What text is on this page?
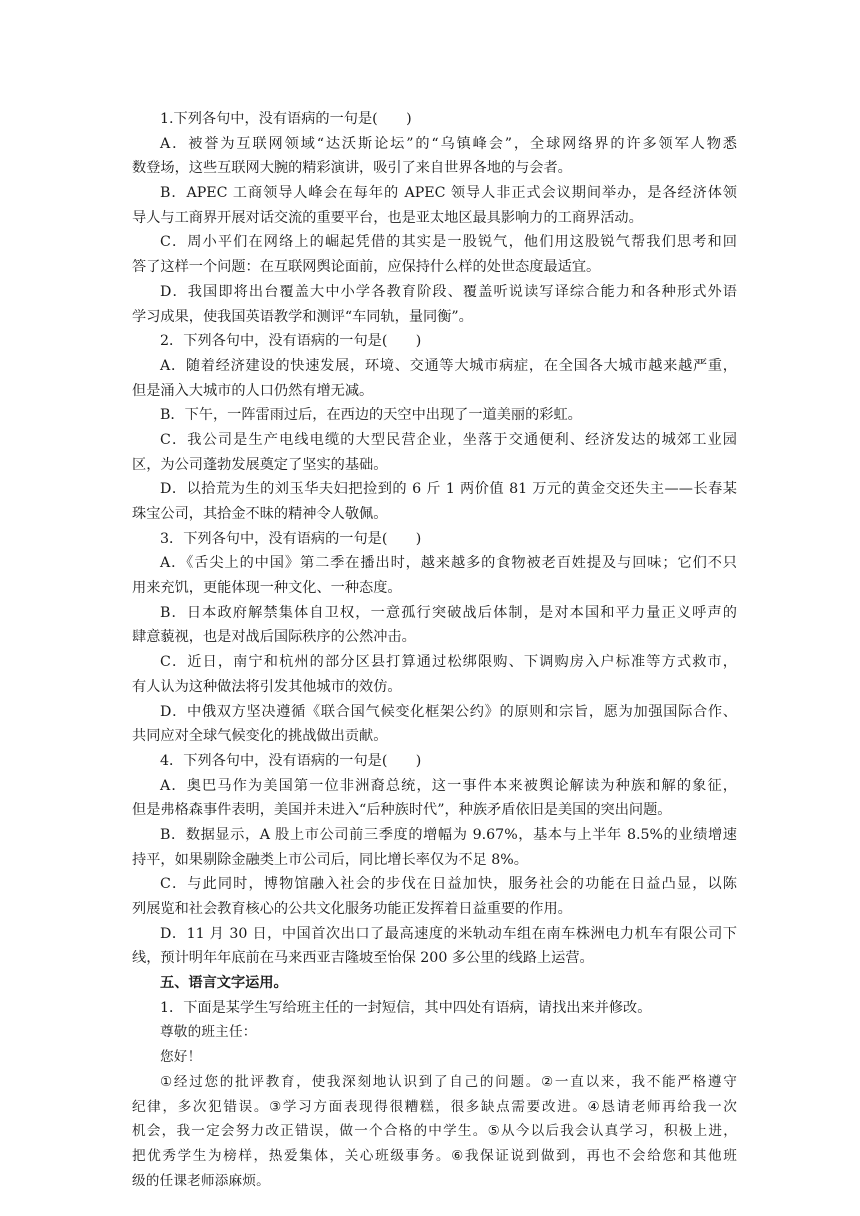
1.下列各句中，没有语病的一句是(　　)
A．被誉为互联网领域“达沃斯论坛”的“乌镇峰会”，全球网络界的许多领军人物悉
数登场，这些互联网大腕的精彩演讲，吸引了来自世界各地的与会者。
B．APEC 工商领导人峰会在每年的 APEC 领导人非正式会议期间举办，是各经济体领
导人与工商界开展对话交流的重要平台，也是亚太地区最具影响力的工商界活动。
C．周小平们在网络上的崛起凭借的其实是一股锐气，他们用这股锐气帮我们思考和回
答了这样一个问题：在互联网舆论面前，应保持什么样的处世态度最适宜。
D．我国即将出台覆盖大中小学各教育阶段、覆盖听说读写译综合能力和各种形式外语
学习成果，使我国英语教学和测评“车同轨，量同衡”。
2．下列各句中，没有语病的一句是(　　)
A．随着经济建设的快速发展，环境、交通等大城市病症，在全国各大城市越来越严重，
但是涌入大城市的人口仍然有增无减。
B．下午，一阵雷雨过后，在西边的天空中出现了一道美丽的彩虹。
C．我公司是生产电线电缆的大型民营企业，坐落于交通便利、经济发达的城郊工业园
区，为公司蓬勃发展奠定了坚实的基础。
D．以拾荒为生的刘玉华夫妇把捡到的 6 斤 1 两价值 81 万元的黄金交还失主——长春某
珠宝公司，其拾金不昧的精神令人敬佩。
3．下列各句中，没有语病的一句是(　　)
A．《舌尖上的中国》第二季在播出时，越来越多的食物被老百姓提及与回味；它们不只
用来充饥，更能体现一种文化、一种态度。
B．日本政府解禁集体自卫权，一意孤行突破战后体制，是对本国和平力量正义呼声的
肆意藐视，也是对战后国际秩序的公然冲击。
C．近日，南宁和杭州的部分区县打算通过松绑限购、下调购房入户标准等方式救市，
有人认为这种做法将引发其他城市的效仿。
D．中俄双方坚决遵循《联合国气候变化框架公约》的原则和宗旨，愿为加强国际合作、
共同应对全球气候变化的挑战做出贡献。
4．下列各句中，没有语病的一句是(　　)
A．奥巴马作为美国第一位非洲裔总统，这一事件本来被舆论解读为种族和解的象征，
但是弗格森事件表明，美国并未进入“后种族时代”，种族矛盾依旧是美国的突出问题。
B．数据显示，A 股上市公司前三季度的增幅为 9.67%，基本与上半年 8.5%的业绩增速
持平，如果剔除金融类上市公司后，同比增长率仅为不足 8%。
C．与此同时，博物馆融入社会的步伐在日益加快，服务社会的功能在日益凸显，以陈
列展览和社会教育核心的公共文化服务功能正发挥着日益重要的作用。
D．11 月 30 日，中国首次出口了最高速度的米轨动车组在南车株洲电力机车有限公司下
线，预计明年年底前在马来西亚吉隆坡至怡保 200 多公里的线路上运营。
五、语言文字运用。
1．下面是某学生写给班主任的一封短信，其中四处有语病，请找出来并修改。
尊敬的班主任：
您好！
①经过您的批评教育，使我深刻地认识到了自己的问题。②一直以来，我不能严格遵守
纪律，多次犯错误。③学习方面表现得很糟糕，很多缺点需要改进。④恳请老师再给我一次
机会，我一定会努力改正错误，做一个合格的中学生。⑤从今以后我会认真学习，积极上进，
把优秀学生为榜样，热爱集体，关心班级事务。⑥我保证说到做到，再也不会给您和其他班
级的任课老师添麻烦。
